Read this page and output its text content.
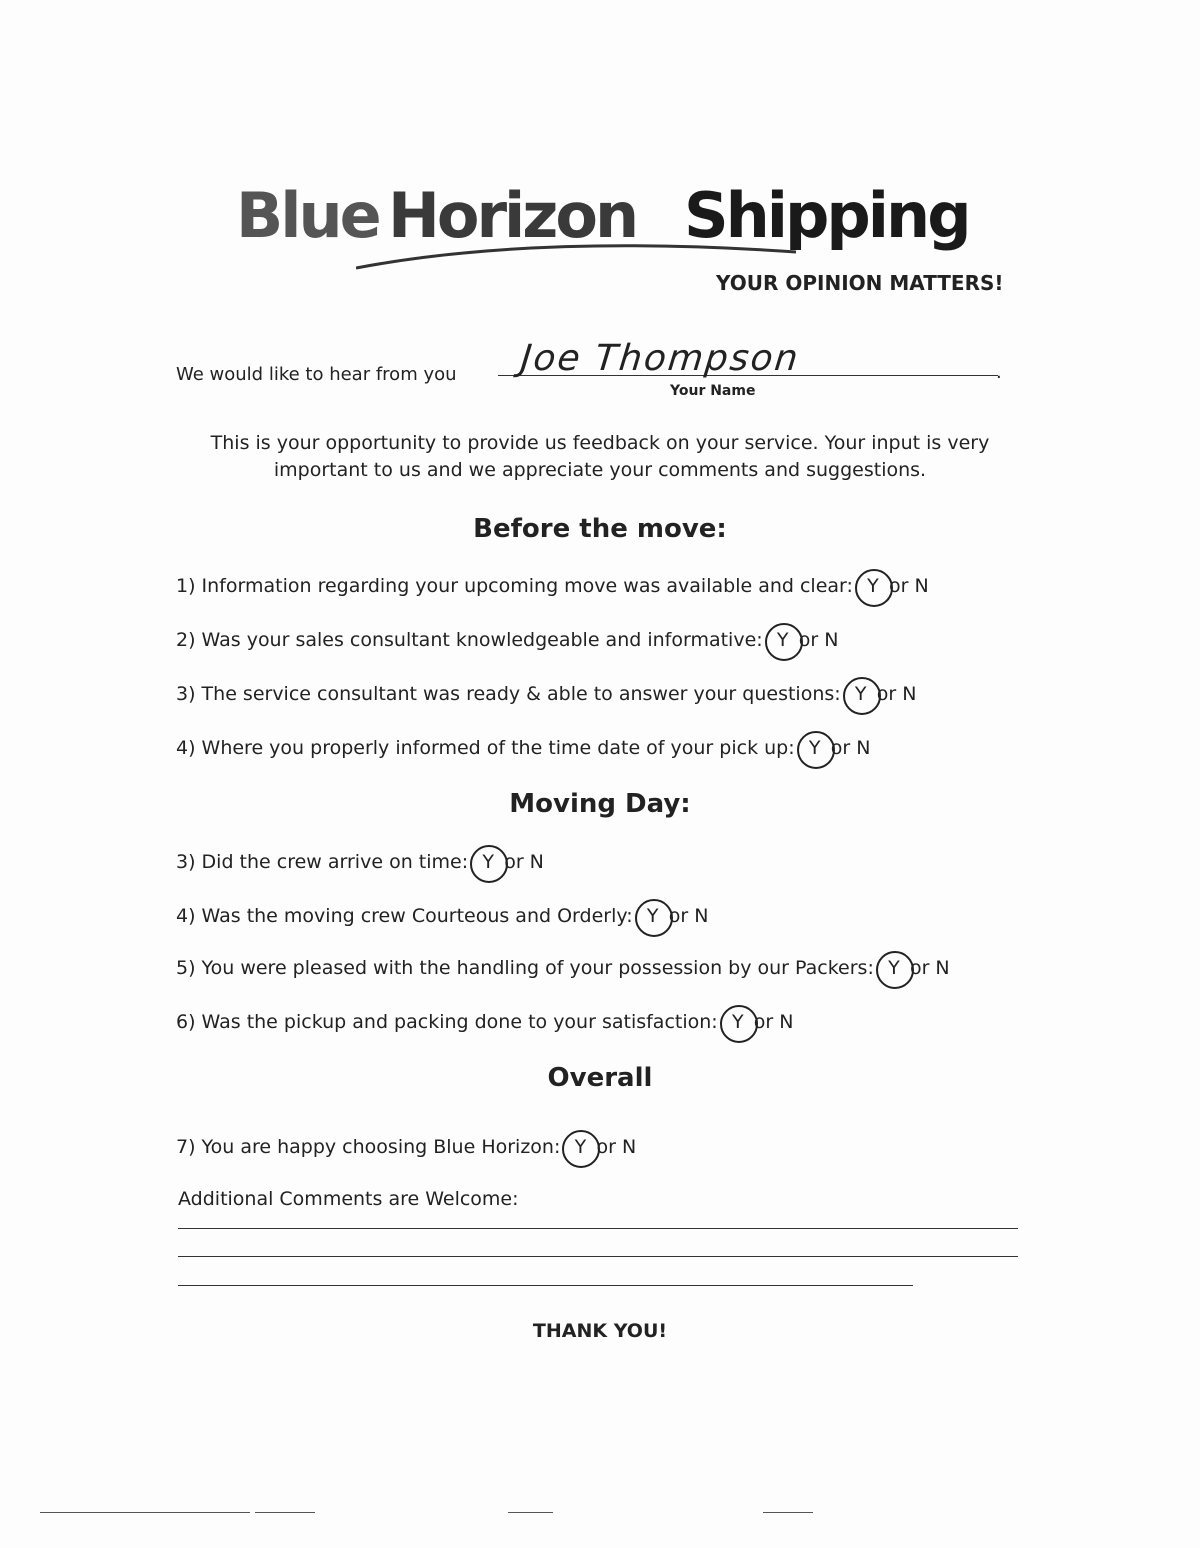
Blue Horizon Shipping
YOUR OPINION MATTERS!
We would like to hear from you	.
Joe Thompson
Your Name
This is your opportunity to provide us feedback on your service. Your input is very important to us and we appreciate your comments and suggestions.
Before the move:
1) Information regarding your upcoming move was available and clear: Y or N
2) Was your sales consultant knowledgeable and informative: Y or N
3) The service consultant was ready & able to answer your questions: Y or N
4) Where you properly informed of the time date of your pick up: Y or N
Moving Day:
3) Did the crew arrive on time: Y or N
4) Was the moving crew Courteous and Orderly: Y or N
5) You were pleased with the handling of your possession by our Packers: Y or N
6) Was the pickup and packing done to your satisfaction: Y or N
Overall
7) You are happy choosing Blue Horizon: Y or N
Additional Comments are Welcome:
THANK YOU!
